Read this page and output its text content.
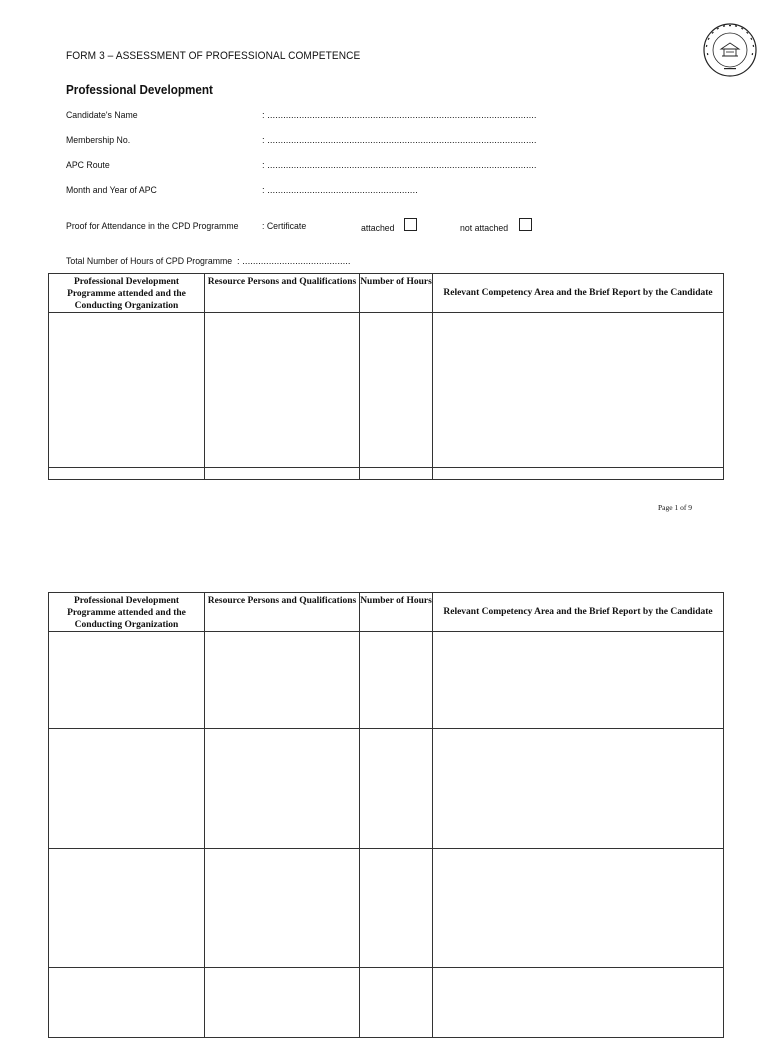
FORM 3 – ASSESSMENT OF PROFESSIONAL COMPETENCE
Professional Development
Candidate's Name	: ......................................................................................................
Membership No.	: ......................................................................................................
APC Route	: ......................................................................................................
Month and Year of APC	: .........................................................
Proof for Attendance in the CPD Programme : Certificate	attached	not attached
Total Number of Hours of CPD Programme : .........................................
Professional Development Programme attended and the Conducting Organization	Resource Persons and Qualifications	Number of Hours	Relevant Competency Area and the Brief Report by the Candidate

Page 1 of 9
Professional Development Programme attended and the Conducting Organization	Resource Persons and Qualifications	Number of Hours	Relevant Competency Area and the Brief Report by the Candidate
